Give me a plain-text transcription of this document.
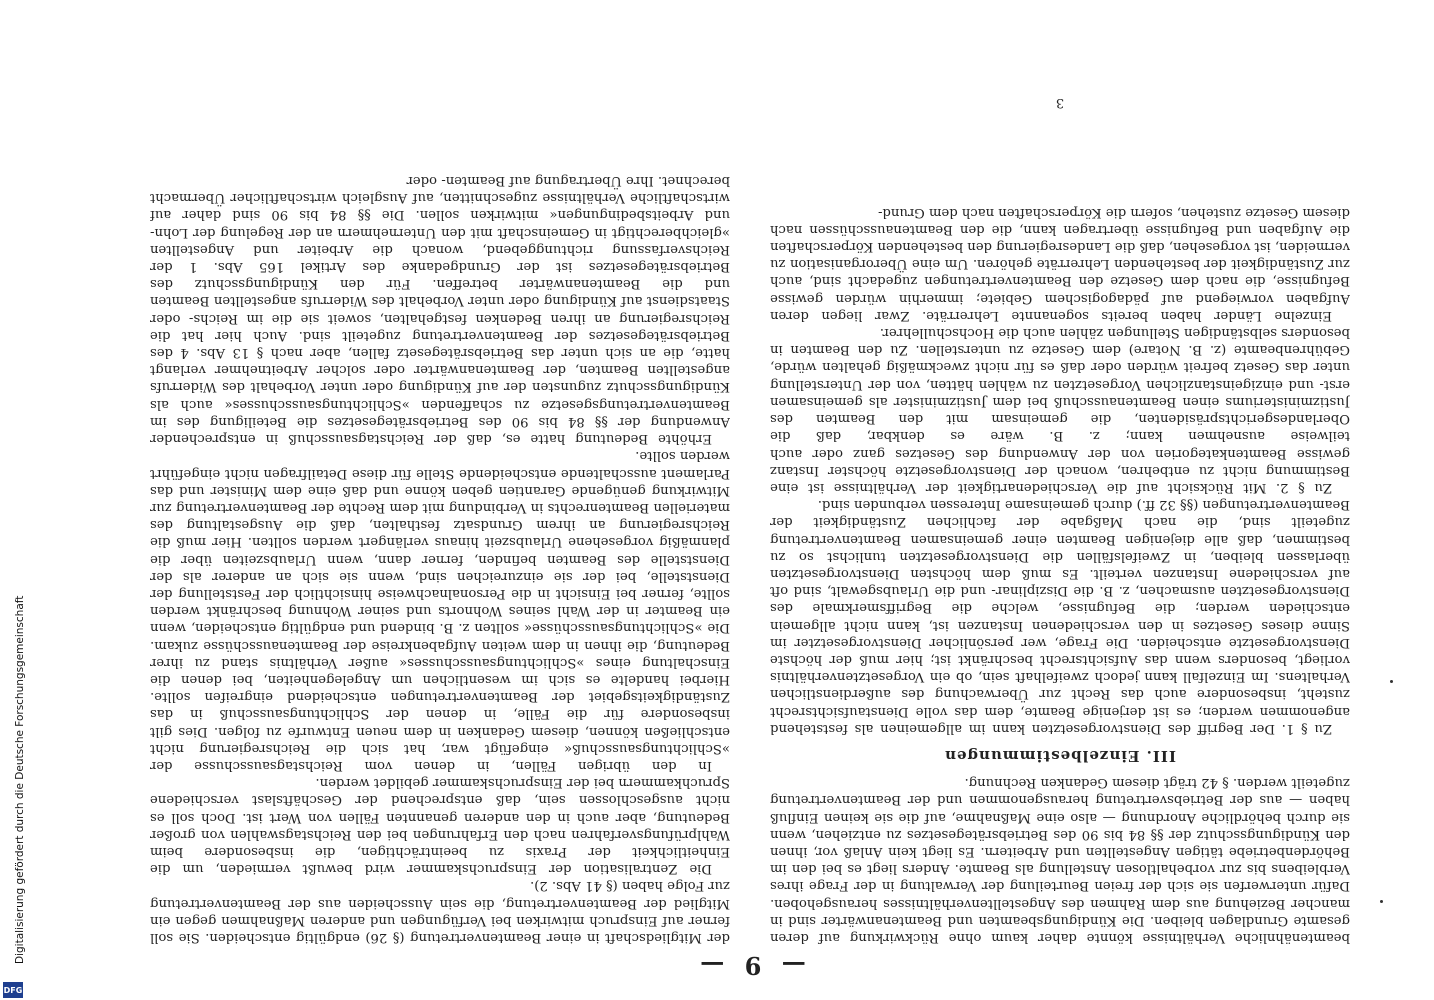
Digitalisierung gefördert durch die Deutsche Forschungsgemeinschaft
DFG
— 9 —

beamtenähnliche Verhältnisse könnte daher kaum ohne Rückwirkung auf deren gesamte Grundlagen bleiben. Die Kündigungsbeamten und Beamtenanwärter sind in mancher Beziehung aus dem Rahmen des Angestelltenverhältnisses herausgehoben. Dafür unterwerfen sie sich der freien Beurteilung der Verwaltung in der Frage ihres Verbleibens bis zur vorbehaltlosen Anstellung als Beamte. Anders liegt es bei den im Behördenbetriebe tätigen Angestellten und Arbeitern. Es liegt kein Anlaß vor, ihnen den Kündigungsschutz der §§ 84 bis 90 des Betriebsrätegesetzes zu entziehen, wenn sie durch behördliche Anordnung — also eine Maßnahme, auf die sie keinen Einfluß haben — aus der Betriebsvertretung herausgenommen und der Beamtenvertretung zugeteilt werden. § 42 trägt diesem Gedanken Rechnung.

III. Einzelbestimmungen

Zu § 1. Der Begriff des Dienstvorgesetzten kann im allgemeinen als feststehend angenommen werden; es ist derjenige Beamte, dem das volle Dienstaufsichtsrecht zusteht, insbesondere auch das Recht zur Überwachung des außerdienstlichen Verhaltens. Im Einzelfall kann jedoch zweifelhaft sein, ob ein Vorgesetztenverhältnis vorliegt, besonders wenn das Aufsichtsrecht beschränkt ist; hier muß der höchste Dienstvorgesetzte entscheiden. Die Frage, wer persönlicher Dienstvorgesetzter im Sinne dieses Gesetzes in den verschiedenen Instanzen ist, kann nicht allgemein entschieden werden; die Befugnisse, welche die Begriffsmerkmale des Dienstvorgesetzten ausmachen, z. B. die Disziplinar- und die Urlaubsgewalt, sind oft auf verschiedene Instanzen verteilt. Es muß dem höchsten Dienstvorgesetzten überlassen bleiben, in Zweifelsfällen die Dienstvorgesetzten tunlichst so zu bestimmen, daß alle diejenigen Beamten einer gemeinsamen Beamtenvertretung zugeteilt sind, die nach Maßgabe der fachlichen Zuständigkeit der Beamtenvertretungen (§§ 32 ff.) durch gemeinsame Interessen verbunden sind.

Zu § 2. Mit Rücksicht auf die Verschiedenartigkeit der Verhältnisse ist eine Bestimmung nicht zu entbehren, wonach der Dienstvorgesetzte höchster Instanz gewisse Beamtenkategorien von der Anwendung des Gesetzes ganz oder auch teilweise ausnehmen kann; z. B. wäre es denkbar, daß die Oberlandesgerichtspräsidenten, die gemeinsam mit den Beamten des Justizministeriums einen Beamtenausschuß bei dem Justizminister als gemeinsamen erst- und einzigeinstanzlichen Vorgesetzten zu wählen hätten, von der Unterstellung unter das Gesetz befreit würden oder daß es für nicht zweckmäßig gehalten würde, Gebührenbeamte (z. B. Notare) dem Gesetze zu unterstellen. Zu den Beamten in besonders selbständigen Stellungen zählen auch die Hochschullehrer.

Einzelne Länder haben bereits sogenannte Lehrerräte. Zwar liegen deren Aufgaben vorwiegend auf pädagogischem Gebiete; immerhin würden gewisse Befugnisse, die nach dem Gesetze den Beamtenvertretungen zugedacht sind, auch zur Zuständigkeit der bestehenden Lehrerräte gehören. Um eine Überorganisation zu vermeiden, ist vorgesehen, daß die Landesregierung den bestehenden Körperschaften die Aufgaben und Befugnisse übertragen kann, die den Beamtenausschüssen nach diesem Gesetze zustehen, sofern die Körperschaften nach dem Grund-

3

der Mitgliedschaft in einer Beamtenvertretung (§ 26) endgültig entscheiden. Sie soll ferner auf Einspruch mitwirken bei Verfügungen und anderen Maßnahmen gegen ein Mitglied der Beamtenvertretung, die sein Ausscheiden aus der Beamtenvertretung zur Folge haben (§ 41 Abs. 2).

Die Zentralisation der Einspruchskammer wird bewußt vermieden, um die Einheitlichkeit der Praxis zu beeinträchtigen, die insbesondere beim Wahlprüfungsverfahren nach den Erfahrungen bei den Reichstagswahlen von großer Bedeutung, aber auch in den anderen genannten Fällen von Wert ist. Doch soll es nicht ausgeschlossen sein, daß entsprechend der Geschäftslast verschiedene Spruchkammern bei der Einspruchskammer gebildet werden.

In den übrigen Fällen, in denen vom Reichstagsausschusse der »Schlichtungsausschuß« eingefügt war, hat sich die Reichsregierung nicht entschließen können, diesem Gedanken in dem neuen Entwurfe zu folgen. Dies gilt insbesondere für die Fälle, in denen der Schlichtungsausschuß in das Zuständigkeitsgebiet der Beamtenvertretungen entscheidend eingreifen sollte. Hierbei handelte es sich im wesentlichen um Angelegenheiten, bei denen die Einschaltung eines »Schlichtungsausschusses« außer Verhältnis stand zu ihrer Bedeutung, die ihnen in dem weiten Aufgabenkreise der Beamtenausschüsse zukam. Die »Schlichtungsausschüsse« sollten z. B. bindend und endgültig entscheiden, wenn ein Beamter in der Wahl seines Wohnorts und seiner Wohnung beschränkt werden sollte, ferner bei Einsicht in die Personalnachweise hinsichtlich der Feststellung der Dienststelle, bei der sie einzureichen sind, wenn sie sich an anderer als der Dienststelle des Beamten befinden, ferner dann, wenn Urlaubszeiten über die planmäßig vorgesehene Urlaubszeit hinaus verlängert werden sollten. Hier muß die Reichsregierung an ihrem Grundsatz festhalten, daß die Ausgestaltung des materiellen Beamtenrechts in Verbindung mit dem Rechte der Beamtenvertretung zur Mitwirkung genügende Garantien geben könne und daß eine dem Minister und das Parlament ausschaltende entscheidende Stelle für diese Detailfragen nicht eingeführt werden sollte.

Erhöhte Bedeutung hatte es, daß der Reichstagsausschuß in entsprechender Anwendung der §§ 84 bis 90 des Betriebsrätegesetzes die Beteiligung des im Beamtenvertretungsgesetze zu schaffenden »Schlichtungsausschusses« auch als Kündigungsschutz zugunsten der auf Kündigung oder unter Vorbehalt des Widerrufs angestellten Beamten, der Beamtenanwärter oder solcher Arbeitnehmer verlangt hatte, die an sich unter das Betriebsrätegesetz fallen, aber nach § 13 Abs. 4 des Betriebsrätegesetzes der Beamtenvertretung zugeteilt sind. Auch hier hat die Reichsregierung an ihren Bedenken festgehalten, soweit sie die im Reichs- oder Staatsdienst auf Kündigung oder unter Vorbehalt des Widerrufs angestellten Beamten und die Beamtenanwärter betreffen. Für den Kündigungsschutz des Betriebsrätegesetzes ist der Grundgedanke des Artikel 165 Abs. 1 der Reichsverfassung richtunggebend, wonach die Arbeiter und Angestellten »gleichberechtigt in Gemeinschaft mit den Unternehmern an der Regelung der Lohn- und Arbeitsbedingungen« mitwirken sollen. Die §§ 84 bis 90 sind daher auf wirtschaftliche Verhältnisse zugeschnitten, auf Ausgleich wirtschaftlicher Übermacht berechnet. Ihre Übertragung auf Beamten- oder
